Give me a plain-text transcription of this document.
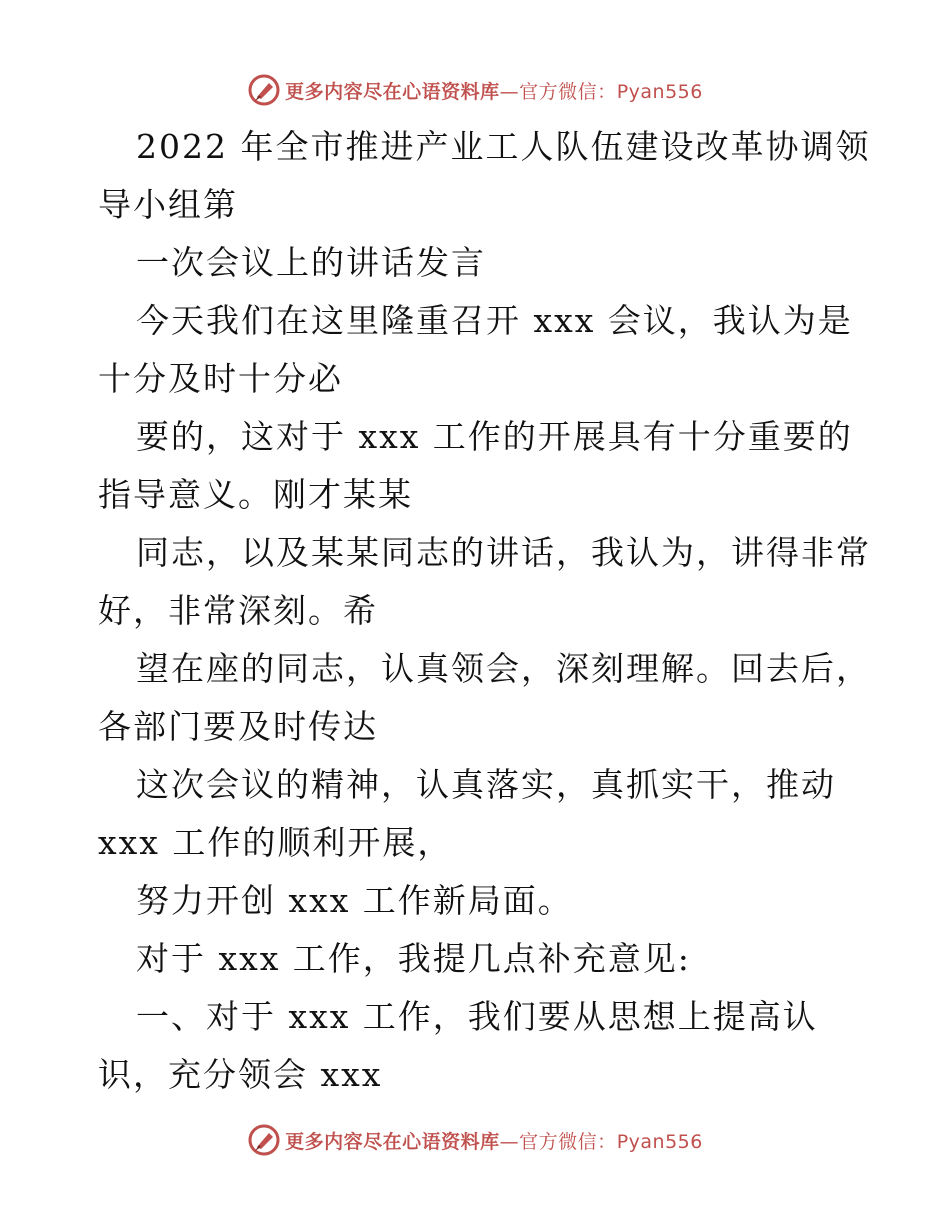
更多内容尽在心语资料库—官方微信：Pyan556
2022 年全市推进产业工人队伍建设改革协调领
导小组第
一次会议上的讲话发言
今天我们在这里隆重召开 xxx 会议，我认为是
十分及时十分必
要的，这对于 xxx 工作的开展具有十分重要的
指导意义。刚才某某
同志，以及某某同志的讲话，我认为，讲得非常
好，非常深刻。希
望在座的同志，认真领会，深刻理解。回去后，
各部门要及时传达
这次会议的精神，认真落实，真抓实干，推动
xxx 工作的顺利开展，
努力开创 xxx 工作新局面。
对于 xxx 工作，我提几点补充意见:
一、对于 xxx 工作，我们要从思想上提高认
识，充分领会 xxx
更多内容尽在心语资料库—官方微信：Pyan556
